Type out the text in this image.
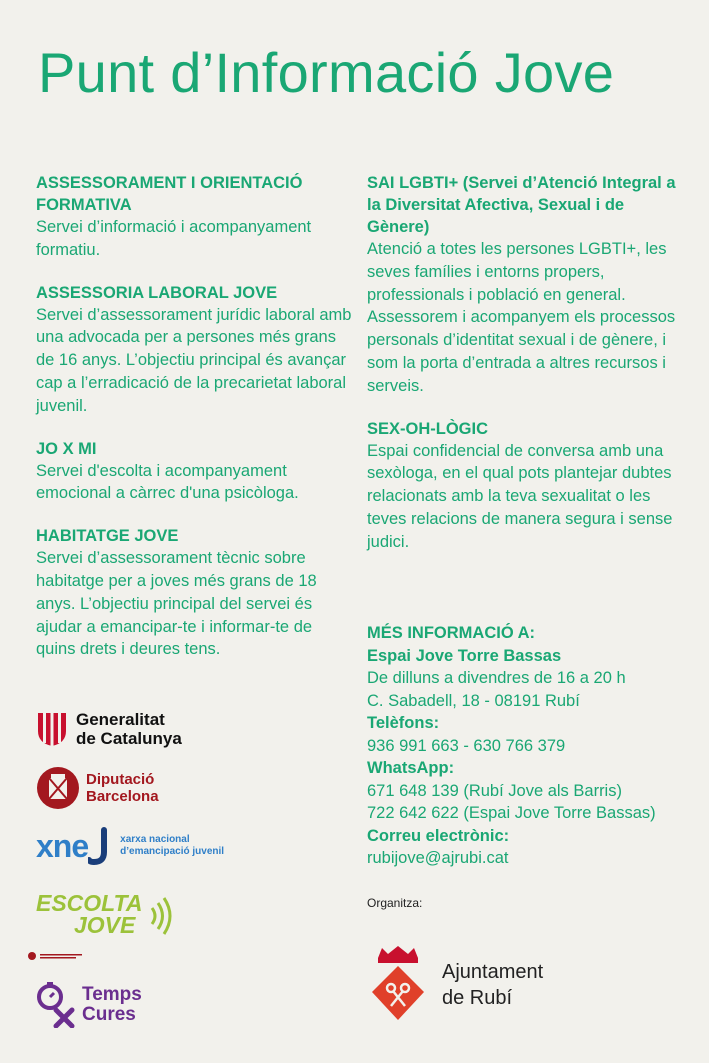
Punt d’Informació Jove
ASSESSORAMENT I ORIENTACIÓ FORMATIVA
Servei d’informació i acompanyament formatiu.
ASSESSORIA LABORAL JOVE
Servei d’assessorament jurídic laboral amb una advocada per a persones més grans de 16 anys. L’objectiu principal és avançar cap a l’erradicació de la precarietat laboral juvenil.
JO X MI
Servei d'escolta i acompanyament emocional a càrrec d'una psicòloga.
HABITATGE JOVE
Servei d’assessorament tècnic sobre habitatge per a joves més grans de 18 anys. L’objectiu principal del servei és ajudar a emancipar-te i informar-te de quins drets i deures tens.
SAI LGBTI+ (Servei d’Atenció Integral a la Diversitat Afectiva, Sexual i de Gènere)
Atenció a totes les persones LGBTI+, les seves famílies i entorns propers, professionals i població en general. Assessorem i acompanyem els processos personals d’identitat sexual i de gènere, i som la porta d’entrada a altres recursos i serveis.
SEX-OH-LÒGIC
Espai confidencial de conversa amb una sexòloga, en el qual pots plantejar dubtes relacionats amb la teva sexualitat o les teves relacions de manera segura i sense judici.
MÉS INFORMACIÓ A:
Espai Jove Torre Bassas
De dilluns a divendres de 16 a 20 h
C. Sabadell, 18 - 08191 Rubí
Telèfons:
936 991 663 - 630 766 379
WhatsApp:
671 648 139 (Rubí Jove als Barris)
722 642 622 (Espai Jove Torre Bassas)
Correu electrònic:
rubijove@ajrubi.cat
Organitza:
Generalitat
de Catalunya
Diputació
Barcelona
xne	xarxa nacional
d’emancipació juvenil
ESCOLTA
JOVE
Temps
Cures
Ajuntament
de Rubí
